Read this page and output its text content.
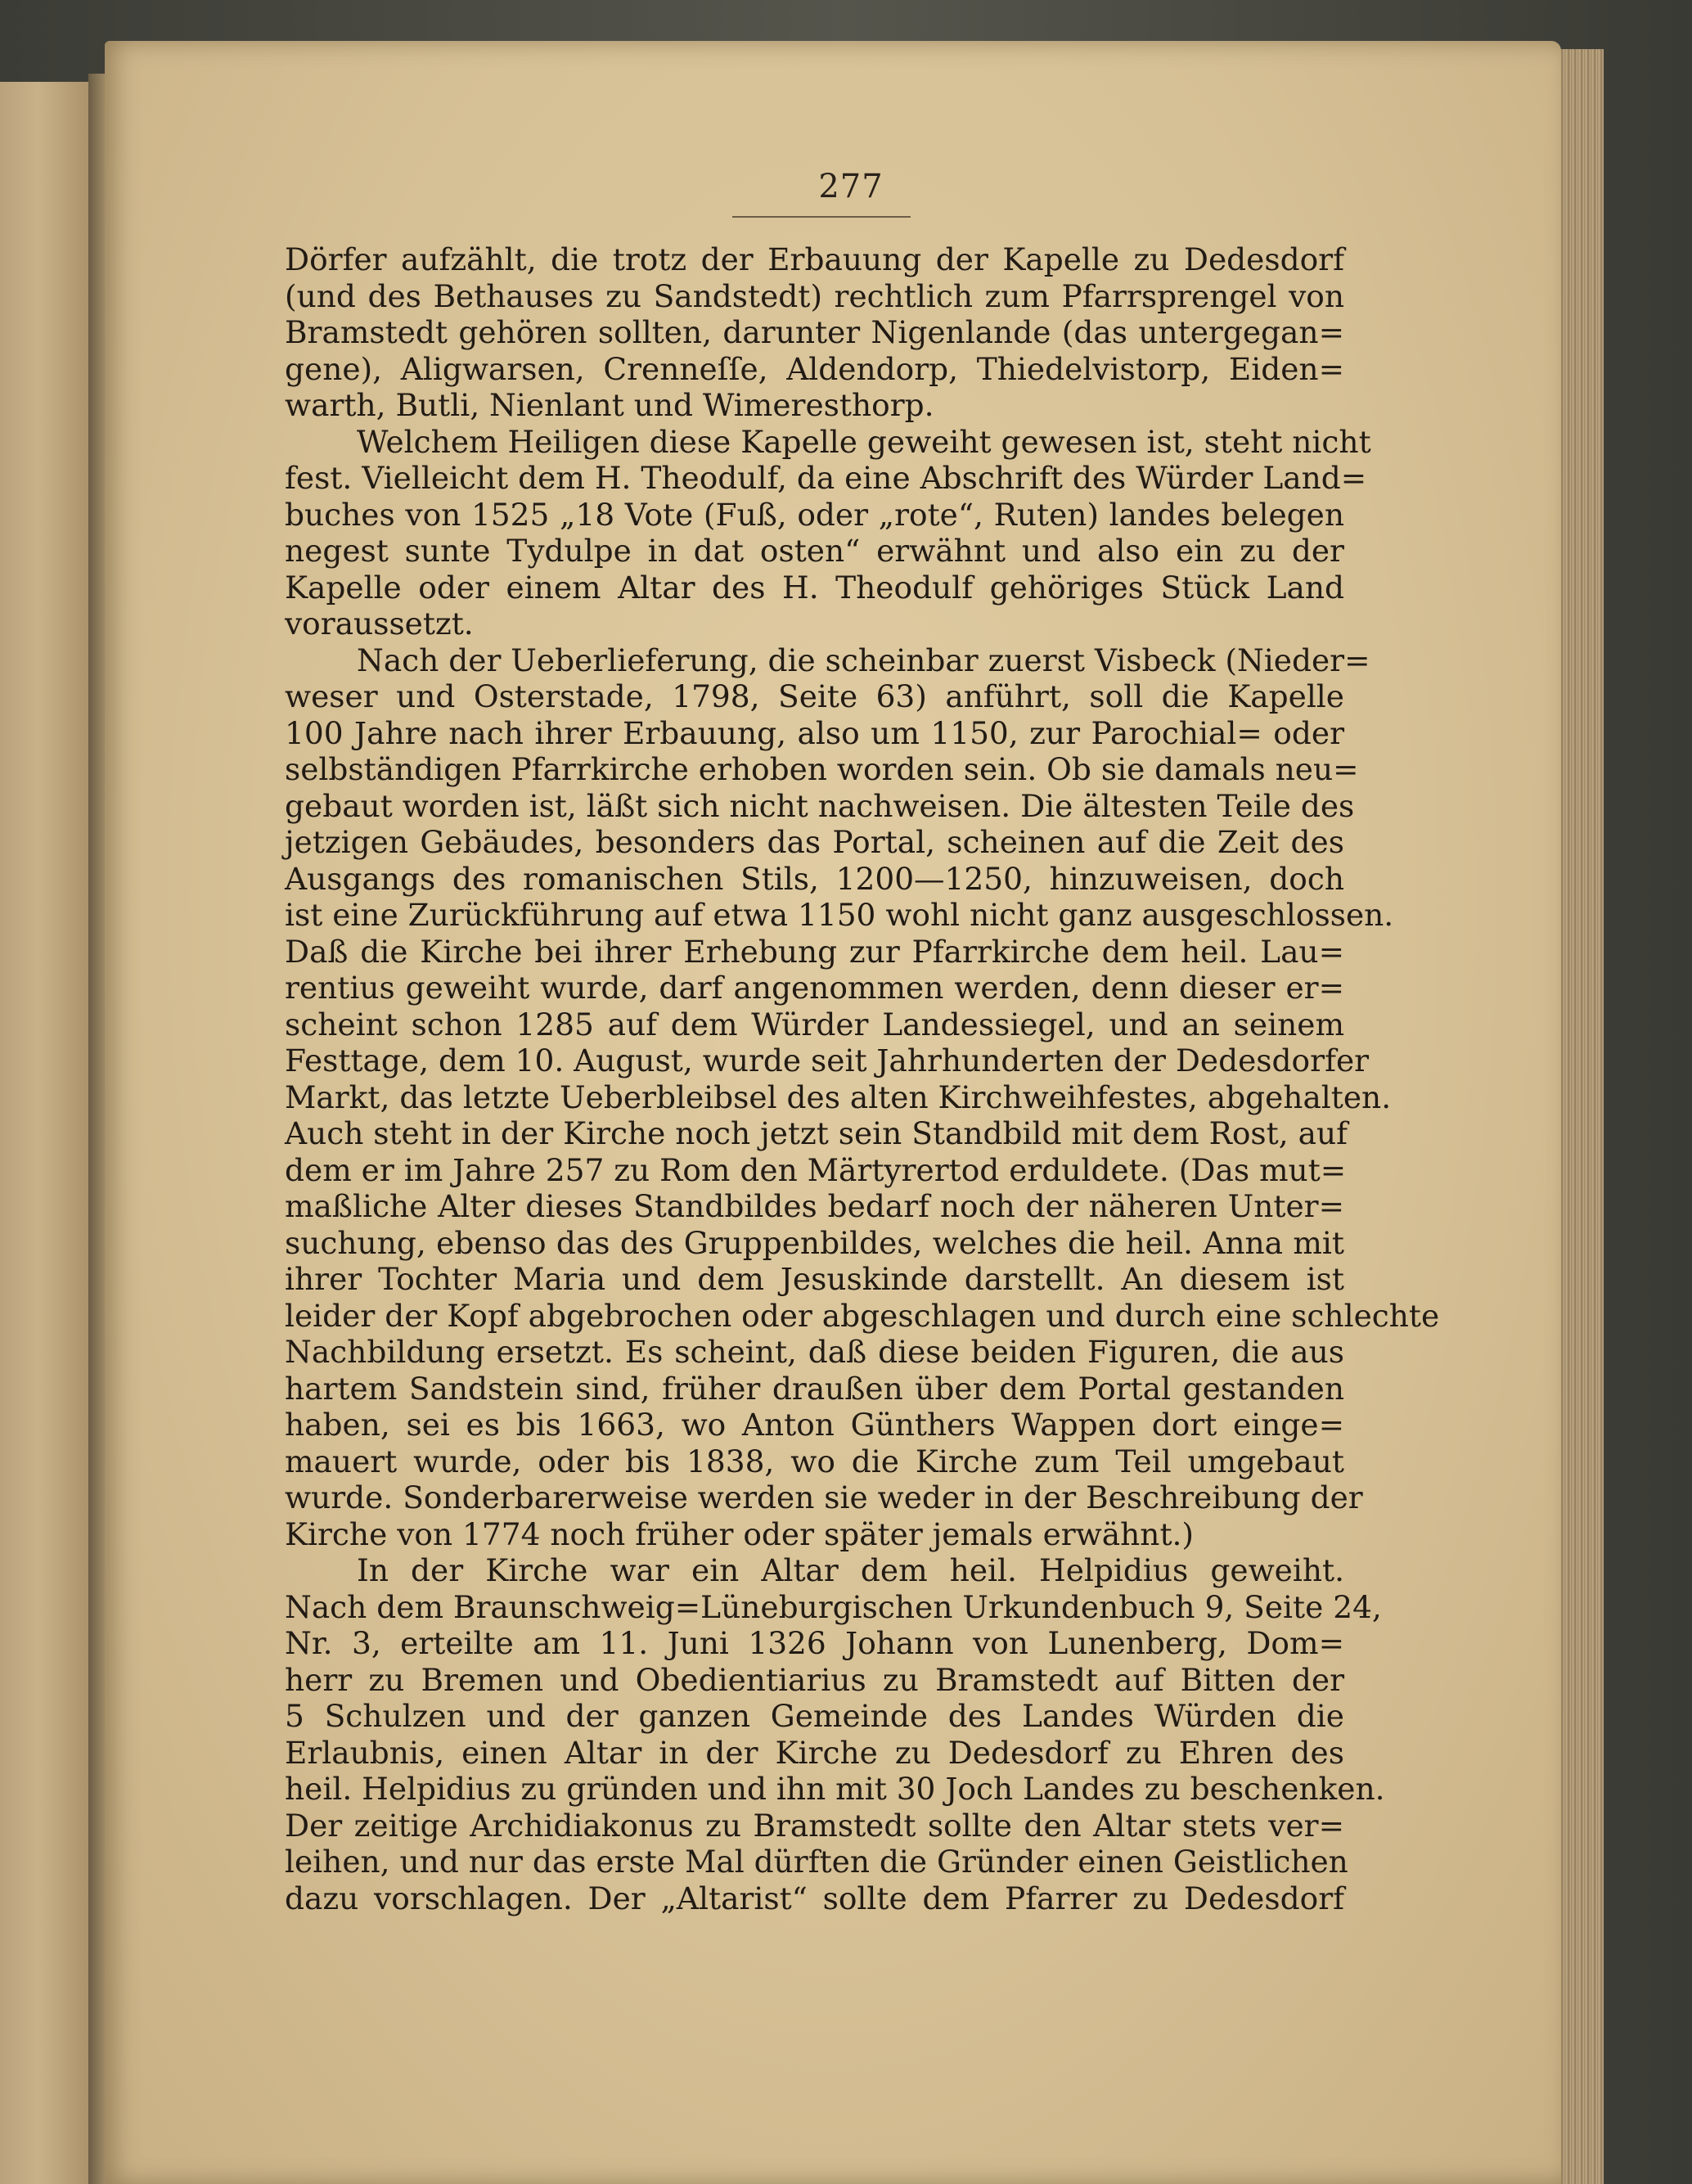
277
Dörfer aufzählt, die trotz der Erbauung der Kapelle zu Dedesdorf
(und des Bethauses zu Sandstedt) rechtlich zum Pfarrsprengel von
Bramstedt gehören sollten, darunter Nigenlande (das untergegan=
gene), Aligwarsen, Crenneſſe, Aldendorp, Thiedelvistorp, Eiden=
warth, Butli, Nienlant und Wimeresthorp.
Welchem Heiligen diese Kapelle geweiht gewesen ist, steht nicht
fest. Vielleicht dem H. Theodulf, da eine Abschrift des Würder Land=
buches von 1525 „18 Vote (Fuß, oder „rote“, Ruten) landes belegen
negest sunte Tydulpe in dat osten“ erwähnt und also ein zu der
Kapelle oder einem Altar des H. Theodulf gehöriges Stück Land
voraussetzt.
Nach der Ueberlieferung, die scheinbar zuerst Visbeck (Nieder=
weser und Osterstade, 1798, Seite 63) anführt, soll die Kapelle
100 Jahre nach ihrer Erbauung, also um 1150, zur Parochial= oder
selbständigen Pfarrkirche erhoben worden sein. Ob sie damals neu=
gebaut worden ist, läßt sich nicht nachweisen. Die ältesten Teile des
jetzigen Gebäudes, besonders das Portal, scheinen auf die Zeit des
Ausgangs des romanischen Stils, 1200—1250, hinzuweisen, doch
ist eine Zurückführung auf etwa 1150 wohl nicht ganz ausgeschlossen.
Daß die Kirche bei ihrer Erhebung zur Pfarrkirche dem heil. Lau=
rentius geweiht wurde, darf angenommen werden, denn dieser er=
scheint schon 1285 auf dem Würder Landessiegel, und an seinem
Festtage, dem 10. August, wurde seit Jahrhunderten der Dedesdorfer
Markt, das letzte Ueberbleibsel des alten Kirchweihfestes, abgehalten.
Auch steht in der Kirche noch jetzt sein Standbild mit dem Rost, auf
dem er im Jahre 257 zu Rom den Märtyrertod erduldete. (Das mut=
maßliche Alter dieses Standbildes bedarf noch der näheren Unter=
suchung, ebenso das des Gruppenbildes, welches die heil. Anna mit
ihrer Tochter Maria und dem Jesuskinde darstellt. An diesem ist
leider der Kopf abgebrochen oder abgeschlagen und durch eine schlechte
Nachbildung ersetzt. Es scheint, daß diese beiden Figuren, die aus
hartem Sandstein sind, früher draußen über dem Portal gestanden
haben, sei es bis 1663, wo Anton Günthers Wappen dort einge=
mauert wurde, oder bis 1838, wo die Kirche zum Teil umgebaut
wurde. Sonderbarerweise werden sie weder in der Beschreibung der
Kirche von 1774 noch früher oder später jemals erwähnt.)
In der Kirche war ein Altar dem heil. Helpidius geweiht.
Nach dem Braunschweig=Lüneburgischen Urkundenbuch 9, Seite 24,
Nr. 3, erteilte am 11. Juni 1326 Johann von Lunenberg, Dom=
herr zu Bremen und Obedientiarius zu Bramstedt auf Bitten der
5 Schulzen und der ganzen Gemeinde des Landes Würden die
Erlaubnis, einen Altar in der Kirche zu Dedesdorf zu Ehren des
heil. Helpidius zu gründen und ihn mit 30 Joch Landes zu beschenken.
Der zeitige Archidiakonus zu Bramstedt sollte den Altar stets ver=
leihen, und nur das erste Mal dürften die Gründer einen Geistlichen
dazu vorschlagen. Der „Altarist“ sollte dem Pfarrer zu Dedesdorf
